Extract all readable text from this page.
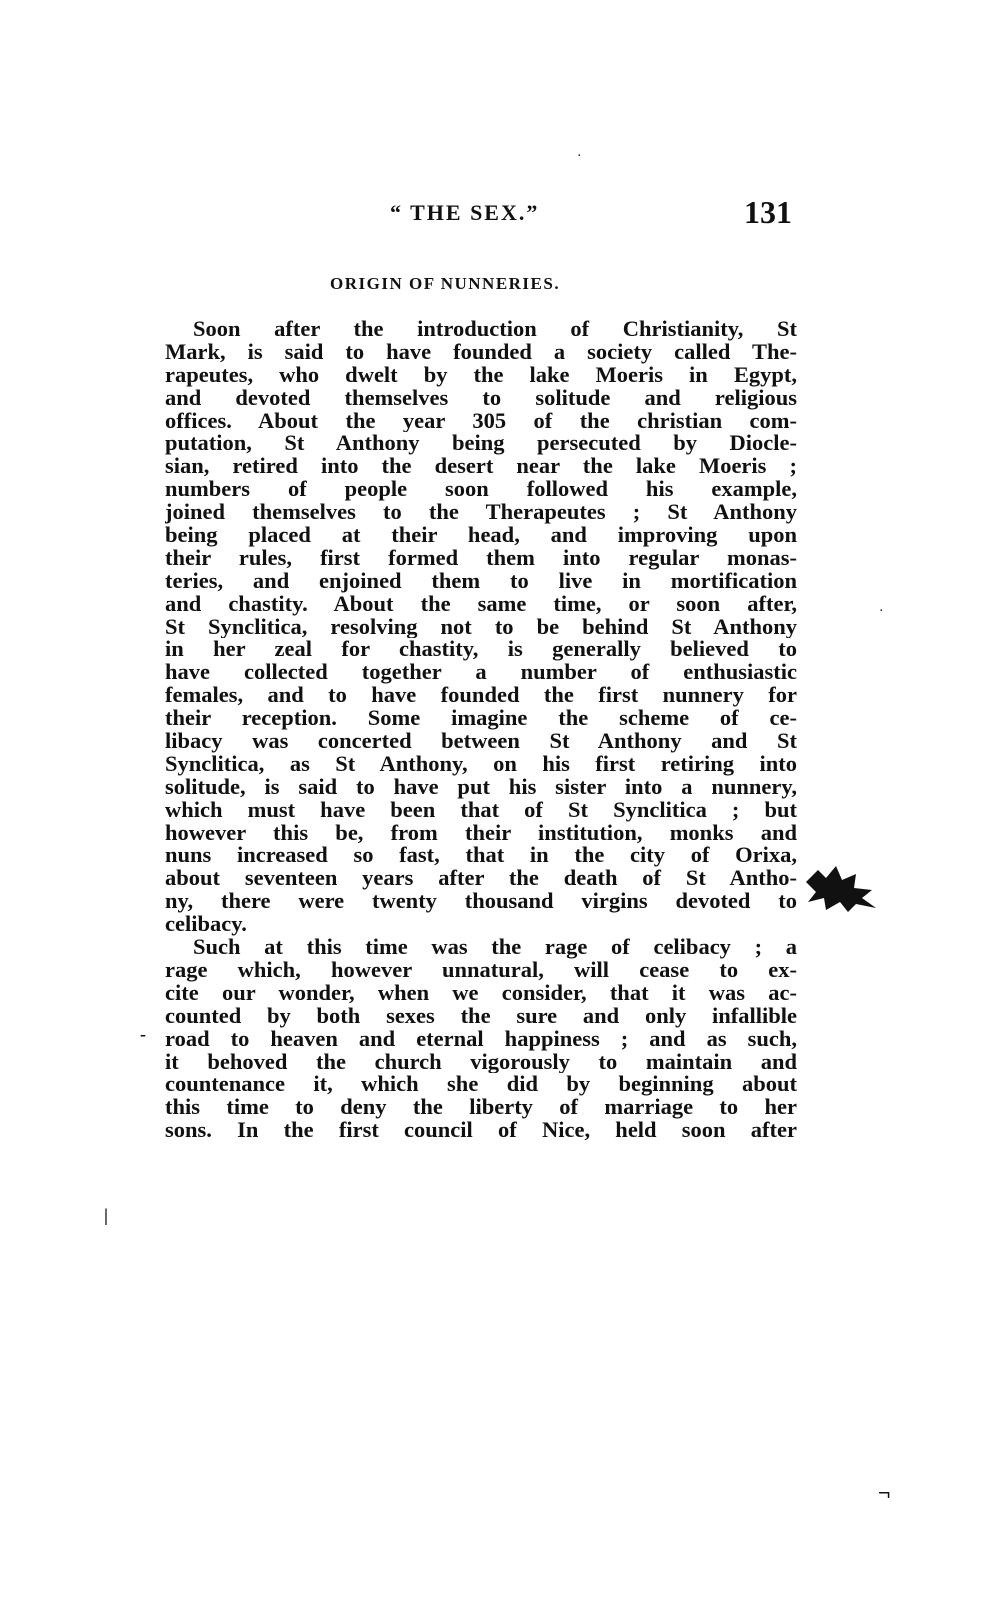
“ THE SEX.”	131
ORIGIN OF NUNNERIES.
Soon after the introduction of Christianity, St
Mark, is said to have founded a society called The-
rapeutes, who dwelt by the lake Moeris in Egypt,
and devoted themselves to solitude and religious
offices. About the year 305 of the christian com-
putation, St Anthony being persecuted by Diocle-
sian, retired into the desert near the lake Moeris ;
numbers of people soon followed his example,
joined themselves to the Therapeutes ; St Anthony
being placed at their head, and improving upon
their rules, first formed them into regular monas-
teries, and enjoined them to live in mortification
and chastity. About the same time, or soon after,
St Synclitica, resolving not to be behind St Anthony
in her zeal for chastity, is generally believed to
have collected together a number of enthusiastic
females, and to have founded the first nunnery for
their reception. Some imagine the scheme of ce-
libacy was concerted between St Anthony and St
Synclitica, as St Anthony, on his first retiring into
solitude, is said to have put his sister into a nunnery,
which must have been that of St Synclitica ; but
however this be, from their institution, monks and
nuns increased so fast, that in the city of Orixa,
about seventeen years after the death of St Antho-
ny, there were twenty thousand virgins devoted to
celibacy.
Such at this time was the rage of celibacy ; a
rage which, however unnatural, will cease to ex-
cite our wonder, when we consider, that it was ac-
counted by both sexes the sure and only infallible
road to heaven and eternal happiness ; and as such,
it behoved the church vigorously to maintain and
countenance it, which she did by beginning about
this time to deny the liberty of marriage to her
sons. In the first council of Nice, held soon after
-
|
¬
.
.
